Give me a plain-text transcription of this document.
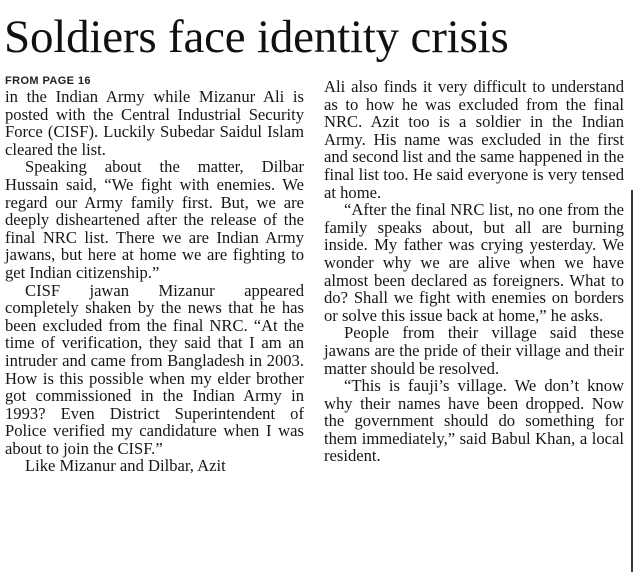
Soldiers face identity crisis
FROM PAGE 16

in the Indian Army while Mizanur Ali is posted with the Central Industrial Security Force (CISF). Luckily Subedar Saidul Islam cleared the list.

Speaking about the matter, Dilbar Hussain said, “We fight with enemies. We regard our Army family first. But, we are deeply disheartened after the release of the final NRC list. There we are Indian Army jawans, but here at home we are fighting to get Indian citizenship.”

CISF jawan Mizanur appeared completely shaken by the news that he has been excluded from the final NRC. “At the time of verification, they said that I am an intruder and came from Bangladesh in 2003. How is this possible when my elder brother got commissioned in the Indian Army in 1993? Even District Superintendent of Police verified my candidature when I was about to join the CISF.”

Like Mizanur and Dilbar, Azit

Ali also finds it very difficult to understand as to how he was excluded from the final NRC. Azit too is a soldier in the Indian Army. His name was excluded in the first and second list and the same happened in the final list too. He said everyone is very tensed at home.

“After the final NRC list, no one from the family speaks about, but all are burning inside. My father was crying yesterday. We wonder why we are alive when we have almost been declared as foreigners. What to do? Shall we fight with enemies on borders or solve this issue back at home,” he asks.

People from their village said these jawans are the pride of their village and their matter should be resolved.

“This is fauji’s village. We don’t know why their names have been dropped. Now the government should do something for them immediately,” said Babul Khan, a local resident.
